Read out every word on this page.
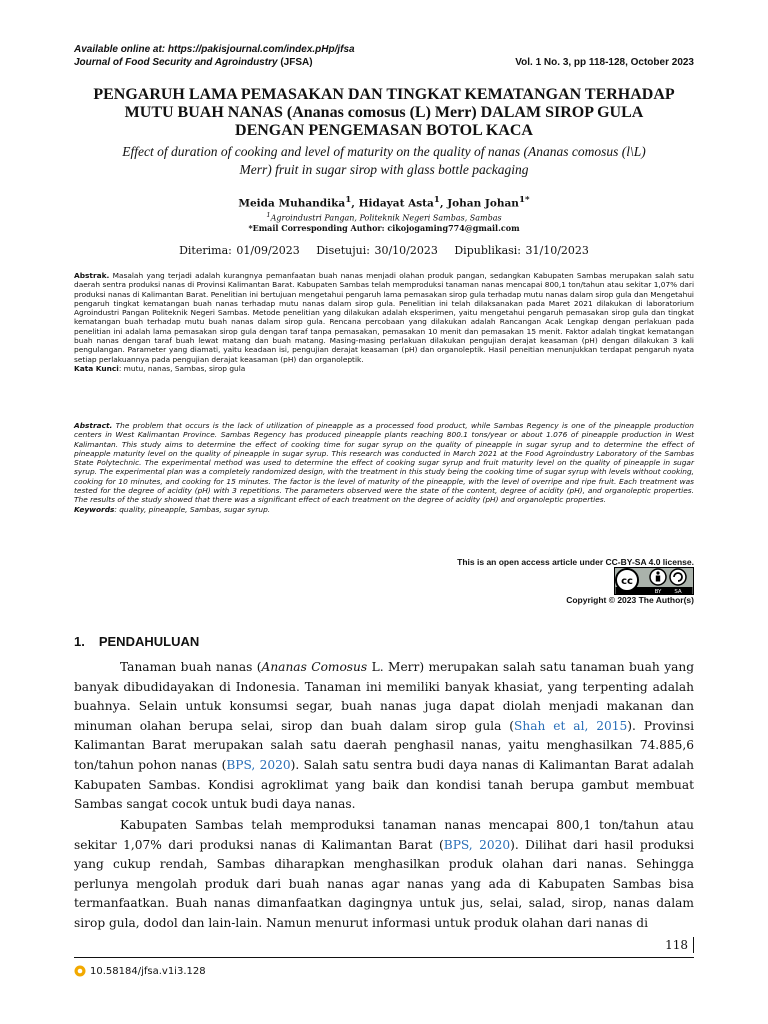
Available online at: https://pakisjournal.com/index.pHp/jfsa
Journal of Food Security and Agroindustry (JFSA)	Vol. 1 No. 3, pp 118-128, October 2023
PENGARUH LAMA PEMASAKAN DAN TINGKAT KEMATANGAN TERHADAP
MUTU BUAH NANAS (Ananas comosus (L) Merr) DALAM SIROP GULA
DENGAN PENGEMASAN BOTOL KACA
Effect of duration of cooking and level of maturity on the quality of nanas (Ananas comosus (l\L)
Merr) fruit in sugar sirop with glass bottle packaging
Meida Muhandika$^1$, Hidayat Asta$^1$, Johan Johan$^{1*}$
$^1$Agroindustri Pangan, Politeknik Negeri Sambas, Sambas
*Email Corresponding Author: cikojogaming774@gmail.com
Diterima: 01/09/2023 Disetujui: 30/10/2023 Dipublikasi: 31/10/2023
Abstrak. Masalah yang terjadi adalah kurangnya pemanfaatan buah nanas menjadi olahan produk pangan, sedangkan Kabupaten Sambas merupakan salah satu daerah sentra produksi nanas di Provinsi Kalimantan Barat. Kabupaten Sambas telah memproduksi tanaman nanas mencapai 800,1 ton/tahun atau sekitar 1,07% dari produksi nanas di Kalimantan Barat. Penelitian ini bertujuan mengetahui pengaruh lama pemasakan sirop gula terhadap mutu nanas dalam sirop gula dan Mengetahui pengaruh tingkat kematangan buah nanas terhadap mutu nanas dalam sirop gula. Penelitian ini telah dilaksanakan pada Maret 2021 dilakukan di laboratorium Agroindustri Pangan Politeknik Negeri Sambas. Metode penelitian yang dilakukan adalah eksperimen, yaitu mengetahui pengaruh pemasakan sirop gula dan tingkat kematangan buah terhadap mutu buah nanas dalam sirop gula. Rencana percobaan yang dilakukan adalah Rancangan Acak Lengkap dengan perlakuan pada penelitian ini adalah lama pemasakan sirop gula dengan taraf tanpa pemasakan, pemasakan 10 menit dan pemasakan 15 menit. Faktor adalah tingkat kematangan buah nanas dengan taraf buah lewat matang dan buah matang. Masing-masing perlakuan dilakukan pengujian derajat keasaman (pH) dengan dilakukan 3 kali pengulangan. Parameter yang diamati, yaitu keadaan isi, pengujian derajat keasaman (pH) dan organoleptik. Hasil peneitian menunjukkan terdapat pengaruh nyata setiap perlakuannya pada pengujian derajat keasaman (pH) dan organoleptik.
Kata Kunci: mutu, nanas, Sambas, sirop gula
Abstract. The problem that occurs is the lack of utilization of pineapple as a processed food product, while Sambas Regency is one of the pineapple production centers in West Kalimantan Province. Sambas Regency has produced pineapple plants reaching 800.1 tons/year or about 1.076 of pineapple production in West Kalimantan. This study aims to determine the effect of cooking time for sugar syrup on the quality of pineapple in sugar syrup and to determine the effect of pineapple maturity level on the quality of pineapple in sugar syrup. This research was conducted in March 2021 at the Food Agroindustry Laboratory of the Sambas State Polytechnic. The experimental method was used to determine the effect of cooking sugar syrup and fruit maturity level on the quality of pineapple in sugar syrup. The experimental plan was a completely randomized design, with the treatment in this study being the cooking time of sugar syrup with levels without cooking, cooking for 10 minutes, and cooking for 15 minutes. The factor is the level of maturity of the pineapple, with the level of overripe and ripe fruit. Each treatment was tested for the degree of acidity (pH) with 3 repetitions. The parameters observed were the state of the content, degree of acidity (pH), and organoleptic properties. The results of the study showed that there was a significant effect of each treatment on the degree of acidity (pH) and organoleptic properties.
Keywords: quality, pineapple, Sambas, sugar syrup.
This is an open access article under CC-BY-SA 4.0 license.
cc
BY SA
Copyright © 2023 The Author(s)
1. PENDAHULUAN
Tanaman buah nanas (Ananas Comosus L. Merr) merupakan salah satu tanaman buah yang banyak dibudidayakan di Indonesia. Tanaman ini memiliki banyak khasiat, yang terpenting adalah buahnya. Selain untuk konsumsi segar, buah nanas juga dapat diolah menjadi makanan dan minuman olahan berupa selai, sirop dan buah dalam sirop gula (Shah et al, 2015). Provinsi Kalimantan Barat merupakan salah satu daerah penghasil nanas, yaitu menghasilkan 74.885,6 ton/tahun pohon nanas (BPS, 2020). Salah satu sentra budi daya nanas di Kalimantan Barat adalah Kabupaten Sambas. Kondisi agroklimat yang baik dan kondisi tanah berupa gambut membuat Sambas sangat cocok untuk budi daya nanas.
Kabupaten Sambas telah memproduksi tanaman nanas mencapai 800,1 ton/tahun atau sekitar 1,07% dari produksi nanas di Kalimantan Barat (BPS, 2020). Dilihat dari hasil produksi yang cukup rendah, Sambas diharapkan menghasilkan produk olahan dari nanas. Sehingga perlunya mengolah produk dari buah nanas agar nanas yang ada di Kabupaten Sambas bisa termanfaatkan. Buah nanas dimanfaatkan dagingnya untuk jus, selai, salad, sirop, nanas dalam sirop gula, dodol dan lain-lain. Namun menurut informasi untuk produk olahan dari nanas di
118
10.58184/jfsa.v1i3.128
